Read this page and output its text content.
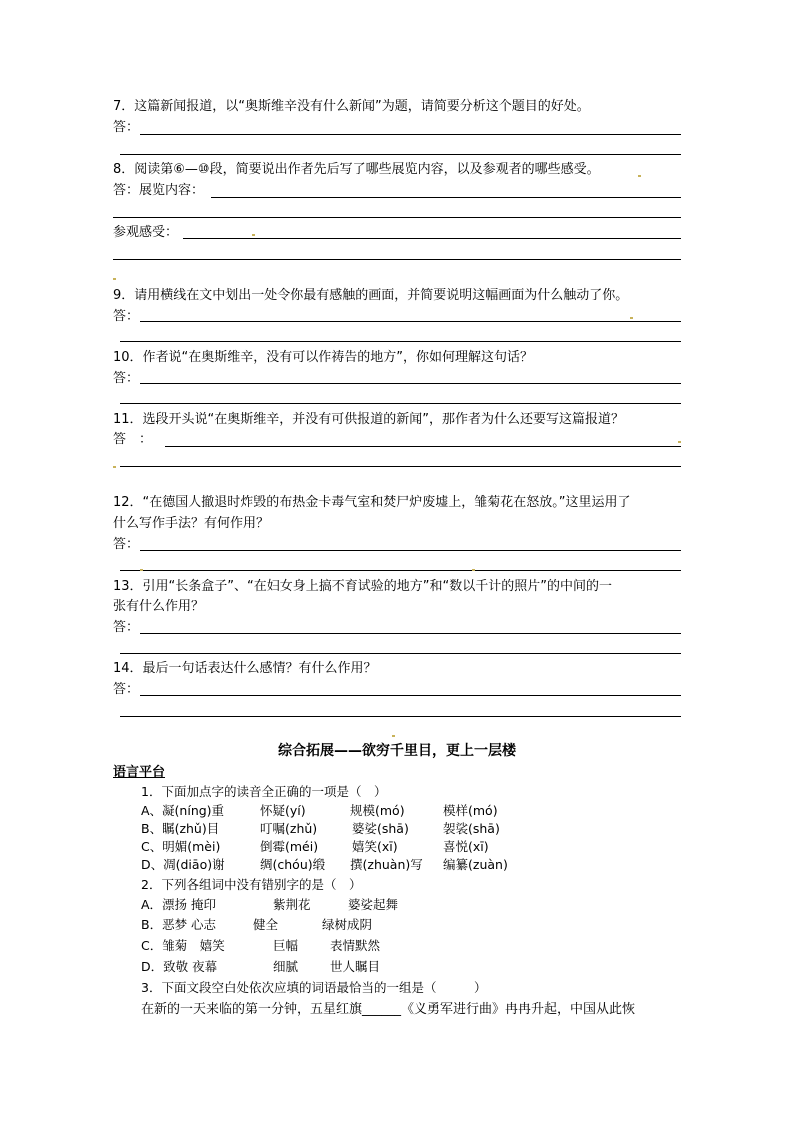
7．这篇新闻报道，以“奥斯维辛没有什么新闻”为题，请简要分析这个题目的好处。
答：
8．阅读第⑥—⑩段，简要说出作者先后写了哪些展览内容，以及参观者的哪些感受。
答：展览内容：
参观感受：
9．请用横线在文中划出一处令你最有感触的画面，并简要说明这幅画面为什么触动了你。
答：
10．作者说“在奥斯维辛，没有可以作祷告的地方”，你如何理解这句话？
答：
11．选段开头说“在奥斯维辛，并没有可供报道的新闻”，那作者为什么还要写这篇报道？
答　：
12．“在德国人撤退时炸毁的布热金卡毒气室和焚尸炉废墟上，雏菊花在怒放。”这里运用了
什么写作手法？有何作用？
答：
13．引用“长条盒子”、“在妇女身上搞不育试验的地方”和“数以千计的照片”的中间的一
张有什么作用？
答：
14．最后一句话表达什么感情？有什么作用？
答：
综合拓展——欲穷千里目，更上一层楼
语言平台
1．下面加点字的读音全正确的一项是（　）
A、凝(níng)重	怀疑(yí)	规模(mó)	模样(mó)
B、瞩(zhǔ)目	叮嘱(zhǔ)	婆娑(shā)	袈裟(shā)
C、明媚(mèi)	倒霉(méi)	嬉笑(xī)	喜悦(xī)
D、凋(diāo)谢	绸(chóu)缎 撰(zhuàn)写 编纂(zuàn)
2．下列各组词中没有错别字的是（　）
A．漂扬 掩印	紫荆花	婆娑起舞
B．恶梦 心志	健全	绿树成阴
C．雏菊　嬉笑	巨幅	表情默然
D．致敬 夜幕	细腻	世人瞩目
3．下面文段空白处依次应填的词语最恰当的一组是（　　　）
在新的一天来临的第一分钟，五星红旗______《义勇军进行曲》冉冉升起，中国从此恢
